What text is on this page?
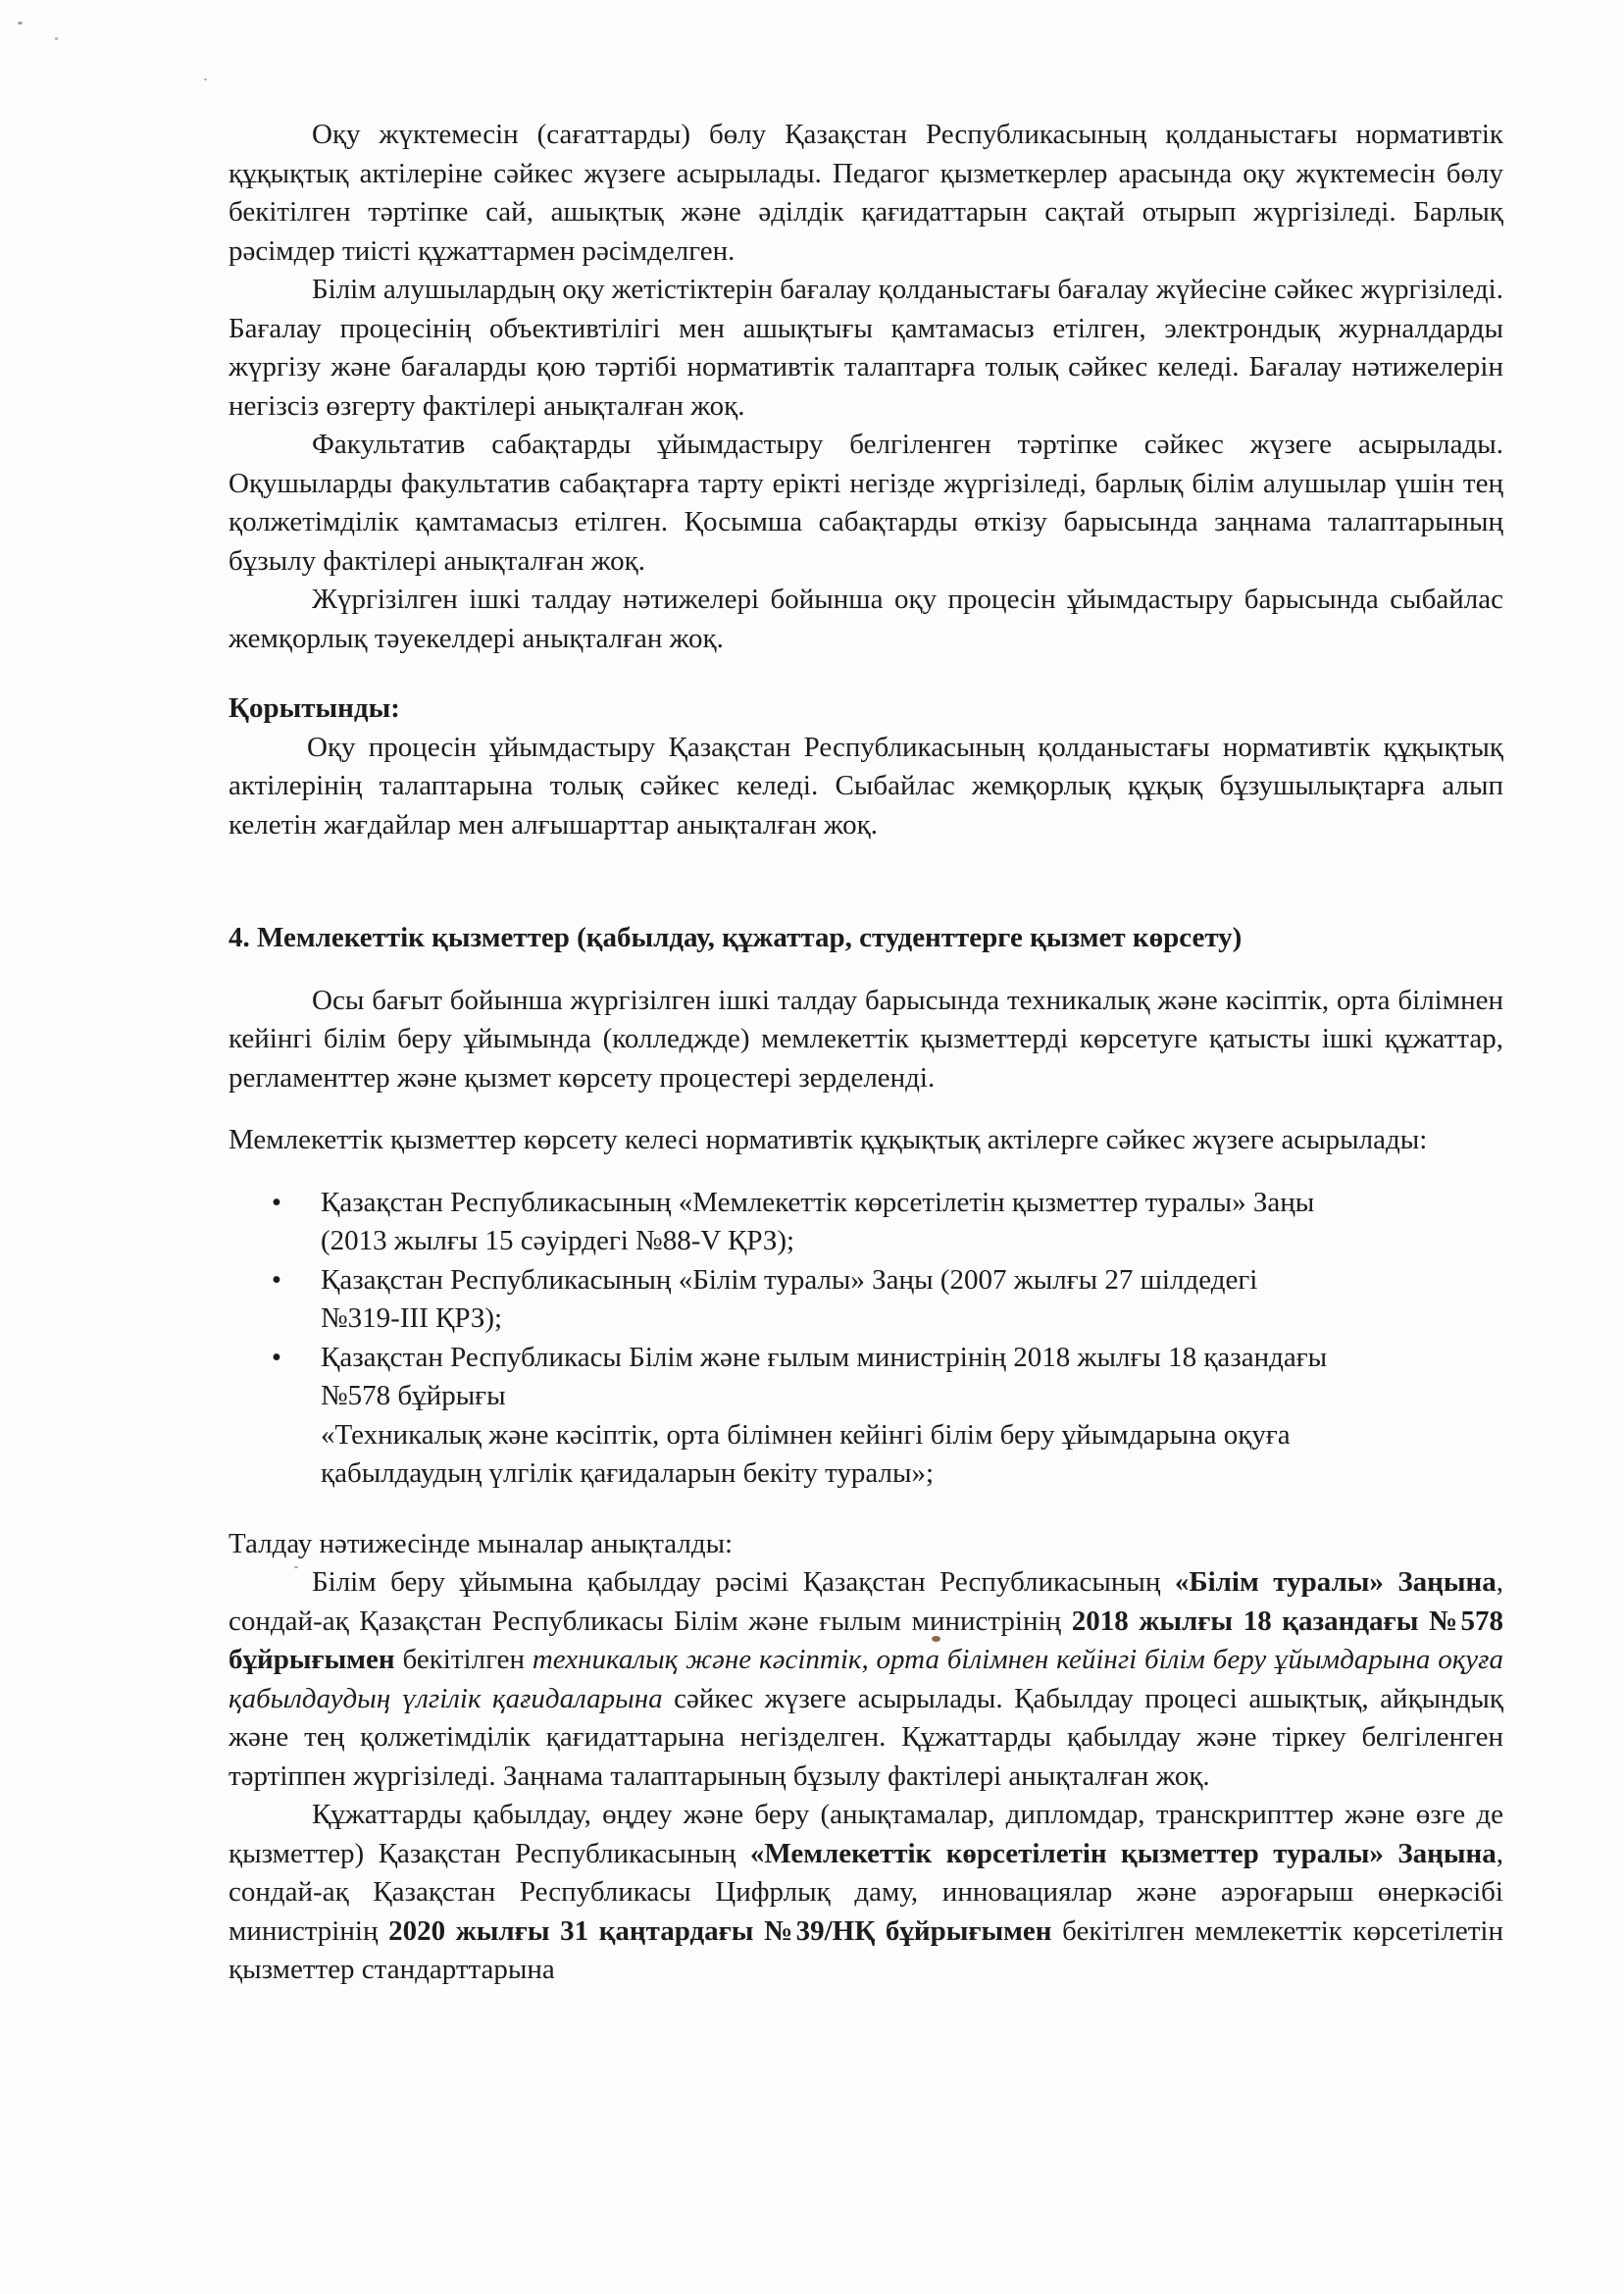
Оқу жүктемесін (сағаттарды) бөлу Қазақстан Республикасының қолданыстағы нормативтік құқықтық актілеріне сәйкес жүзеге асырылады. Педагог қызметкерлер арасында оқу жүктемесін бөлу бекітілген тәртіпке сай, ашықтық және әділдік қағидаттарын сақтай отырып жүргізіледі. Барлық рәсімдер тиісті құжаттармен рәсімделген.

Білім алушылардың оқу жетістіктерін бағалау қолданыстағы бағалау жүйесіне сәйкес жүргізіледі. Бағалау процесінің объективтілігі мен ашықтығы қамтамасыз етілген, электрондық журналдарды жүргізу және бағаларды қою тәртібі нормативтік талаптарға толық сәйкес келеді. Бағалау нәтижелерін негізсіз өзгерту фактілері анықталған жоқ.

Факультатив сабақтарды ұйымдастыру белгіленген тәртіпке сәйкес жүзеге асырылады. Оқушыларды факультатив сабақтарға тарту ерікті негізде жүргізіледі, барлық білім алушылар үшін тең қолжетімділік қамтамасыз етілген. Қосымша сабақтарды өткізу барысында заңнама талаптарының бұзылу фактілері анықталған жоқ.

Жүргізілген ішкі талдау нәтижелері бойынша оқу процесін ұйымдастыру барысында сыбайлас жемқорлық тәуекелдері анықталған жоқ.

Қорытынды:

Оқу процесін ұйымдастыру Қазақстан Республикасының қолданыстағы нормативтік құқықтық актілерінің талаптарына толық сәйкес келеді. Сыбайлас жемқорлық құқық бұзушылықтарға алып келетін жағдайлар мен алғышарттар анықталған жоқ.

4. Мемлекеттік қызметтер (қабылдау, құжаттар, студенттерге қызмет көрсету)

Осы бағыт бойынша жүргізілген ішкі талдау барысында техникалық және кәсіптік, орта білімнен кейінгі білім беру ұйымында (колледжде) мемлекеттік қызметтерді көрсетуге қатысты ішкі құжаттар, регламенттер және қызмет көрсету процестері зерделенді.

Мемлекеттік қызметтер көрсету келесі нормативтік құқықтық актілерге сәйкес жүзеге асырылады:

• Қазақстан Республикасының «Мемлекеттік көрсетілетін қызметтер туралы» Заңы
(2013 жылғы 15 сәуірдегі №88-V ҚРЗ);
• Қазақстан Республикасының «Білім туралы» Заңы (2007 жылғы 27 шілдедегі
№319-III ҚРЗ);
• Қазақстан Республикасы Білім және ғылым министрінің 2018 жылғы 18 қазандағы
№578 бұйрығы
«Техникалық және кәсіптік, орта білімнен кейінгі білім беру ұйымдарына оқуға
қабылдаудың үлгілік қағидаларын бекіту туралы»;

Талдау нәтижесінде мыналар анықталды:

Білім беру ұйымына қабылдау рәсімі Қазақстан Республикасының «Білім туралы» Заңына, сондай-ақ Қазақстан Республикасы Білім және ғылым министрінің 2018 жылғы 18 қазандағы №578 бұйрығымен бекітілген техникалық және кәсіптік, орта білімнен кейінгі білім беру ұйымдарына оқуға қабылдаудың үлгілік қағидаларына сәйкес жүзеге асырылады. Қабылдау процесі ашықтық, айқындық және тең қолжетімділік қағидаттарына негізделген. Құжаттарды қабылдау және тіркеу белгіленген тәртіппен жүргізіледі. Заңнама талаптарының бұзылу фактілері анықталған жоқ.

Құжаттарды қабылдау, өңдеу және беру (анықтамалар, дипломдар, транскрипттер және өзге де қызметтер) Қазақстан Республикасының «Мемлекеттік көрсетілетін қызметтер туралы» Заңына, сондай-ақ Қазақстан Республикасы Цифрлық даму, инновациялар және аэроғарыш өнеркәсібі министрінің 2020 жылғы 31 қаңтардағы №39/НҚ бұйрығымен бекітілген мемлекеттік көрсетілетін қызметтер стандарттарына
